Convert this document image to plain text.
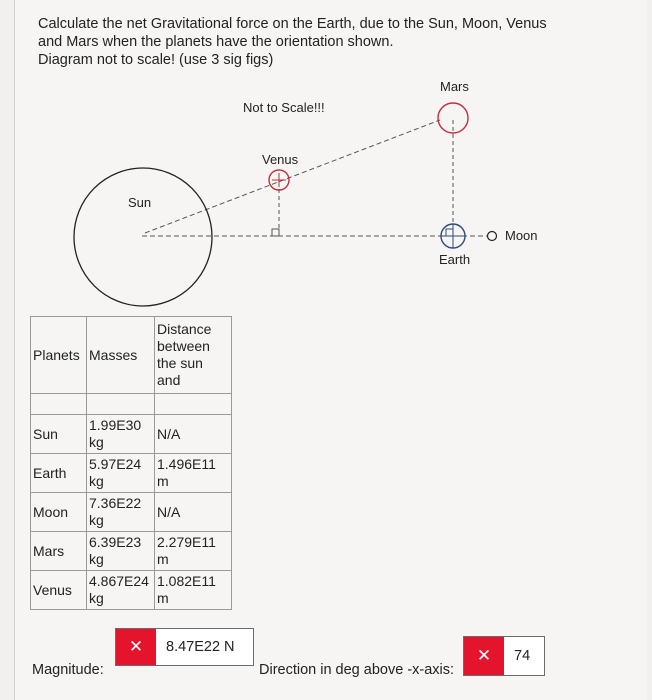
Calculate the net Gravitational force on the Earth, due to the Sun, Moon, Venus
and Mars when the planets have the orientation shown.
Diagram not to scale! (use 3 sig figs)
Not to Scale!!!
Sun
Venus
Mars
Earth
Moon
Planets	Masses	Distance between the sun and

Sun	1.99E30 kg	N/A
Earth	5.97E24 kg	1.496E11 m
Moon	7.36E22 kg	N/A
Mars	6.39E23 kg	2.279E11 m
Venus	4.867E24 kg	1.082E11 m
Magnitude:
✕	8.47E22 N
Direction in deg above -x-axis:
✕	74
